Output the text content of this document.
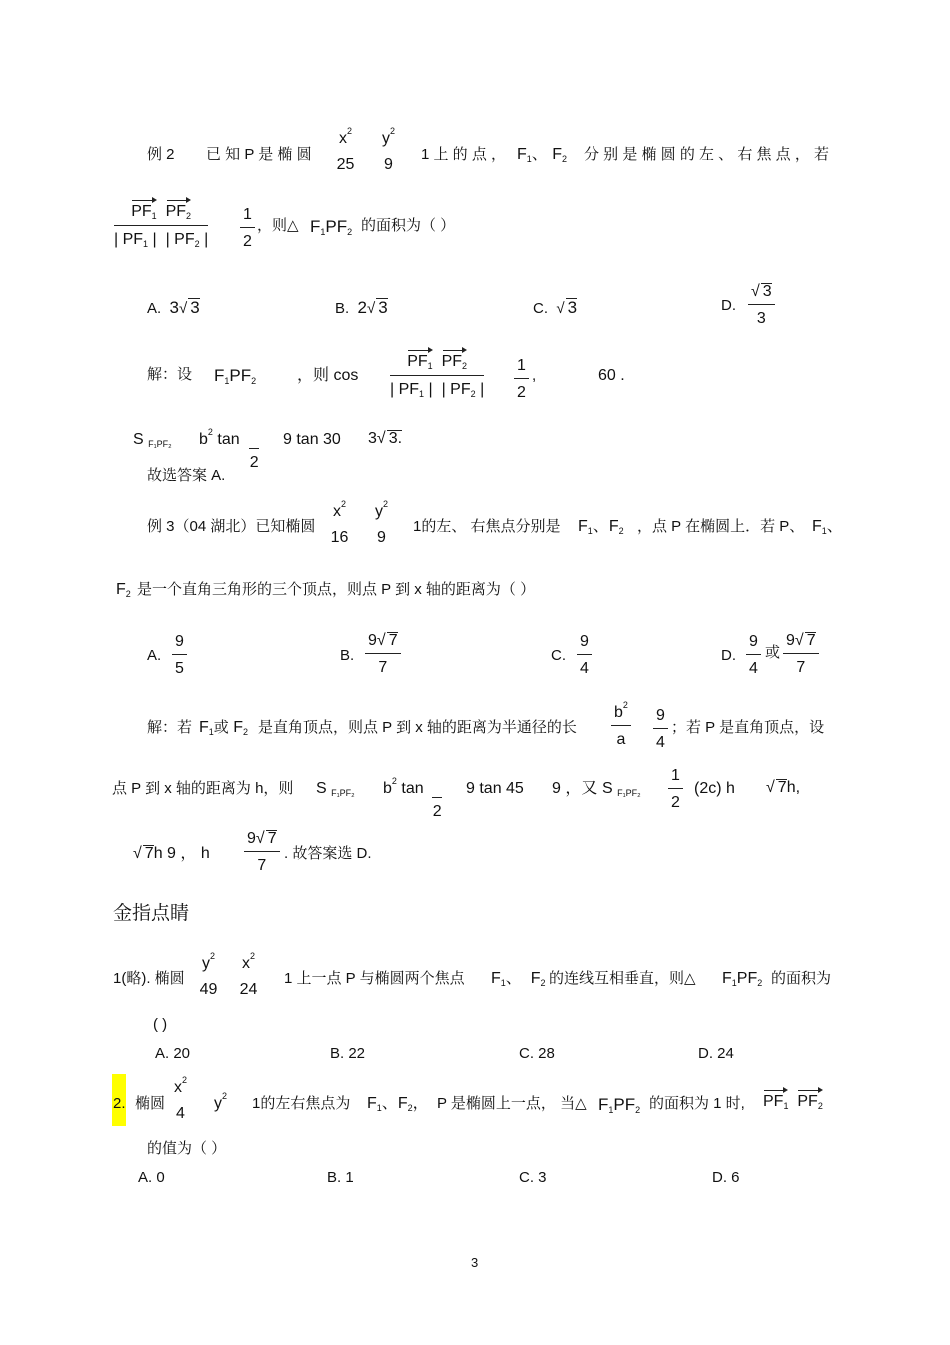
例 2 已 知 P 是 椭 圆
$x^2$
25
$y^2$
9
1 上 的 点 ， $F_1$、 $F_2$ 分 别 是 椭 圆 的 左 、 右 焦 点 ， 若
$PF_1$ $PF_2$
| $PF_1$ | | $PF_2$ |
1
2
，则△ $F_1PF_2$ 的面积为（ ）
A. 3√ 3	B. 2√ 3	C.  √ 3	D.
√ 3
3
解：设 $F_1PF_2$	，则 cos
$PF_1$ $PF_2$
| $PF_1$ | | $PF_2$ |
1
2
,	60 .
S $_{F_1PF_2}$ $b^2$ tan

2
9 tan 30 3√ 3.
故选答案 A.
例 3（04 湖北）已知椭圆
$x^2$
16
$y^2$
9
1的左、 右焦点分别是 $F_1$、$F_2$ ，点 P 在椭圆上．若 P、 $F_1$、
$F_2$ 是一个直角三角形的三个顶点，则点 P 到 x 轴的距离为（ ）
A.
9
5
B.
9√ 7
7
C.
9
4
D.
9
4
或
9√ 7
7
解：若 $F_1$或 $F_2$ 是直角顶点，则点 P 到 x 轴的距离为半通径的长
$b^2$
a
9
4
；若 P 是直角顶点，设
点 P 到 x 轴的距离为 h，则 S $_{F_1PF_2}$ $b^2$ tan

2
9 tan 45 9 ，又 S $_{F_1PF_2}$
1
2
(2c) h √ 7h,
√ 7h 9 ， h
9√ 7
7
. 故答案选 D.
金指点睛
1(略). 椭圆
$y^2$
49
$x^2$
24
1 上一点 P 与椭圆两个焦点 $F_1$、 $F_2$ 的连线互相垂直，则△ $F_1PF_2$ 的面积为
( )
A. 20	B. 22	C. 28	D. 24
2. 椭圆
$x^2$
4
$y^2$ 1的左右焦点为 $F_1$、$F_2$， P 是椭圆上一点， 当△ $F_1PF_2$ 的面积为 1 时, $PF_1$ $PF_2$
的值为（ ）
A. 0	B. 1	C. 3	D. 6
3
